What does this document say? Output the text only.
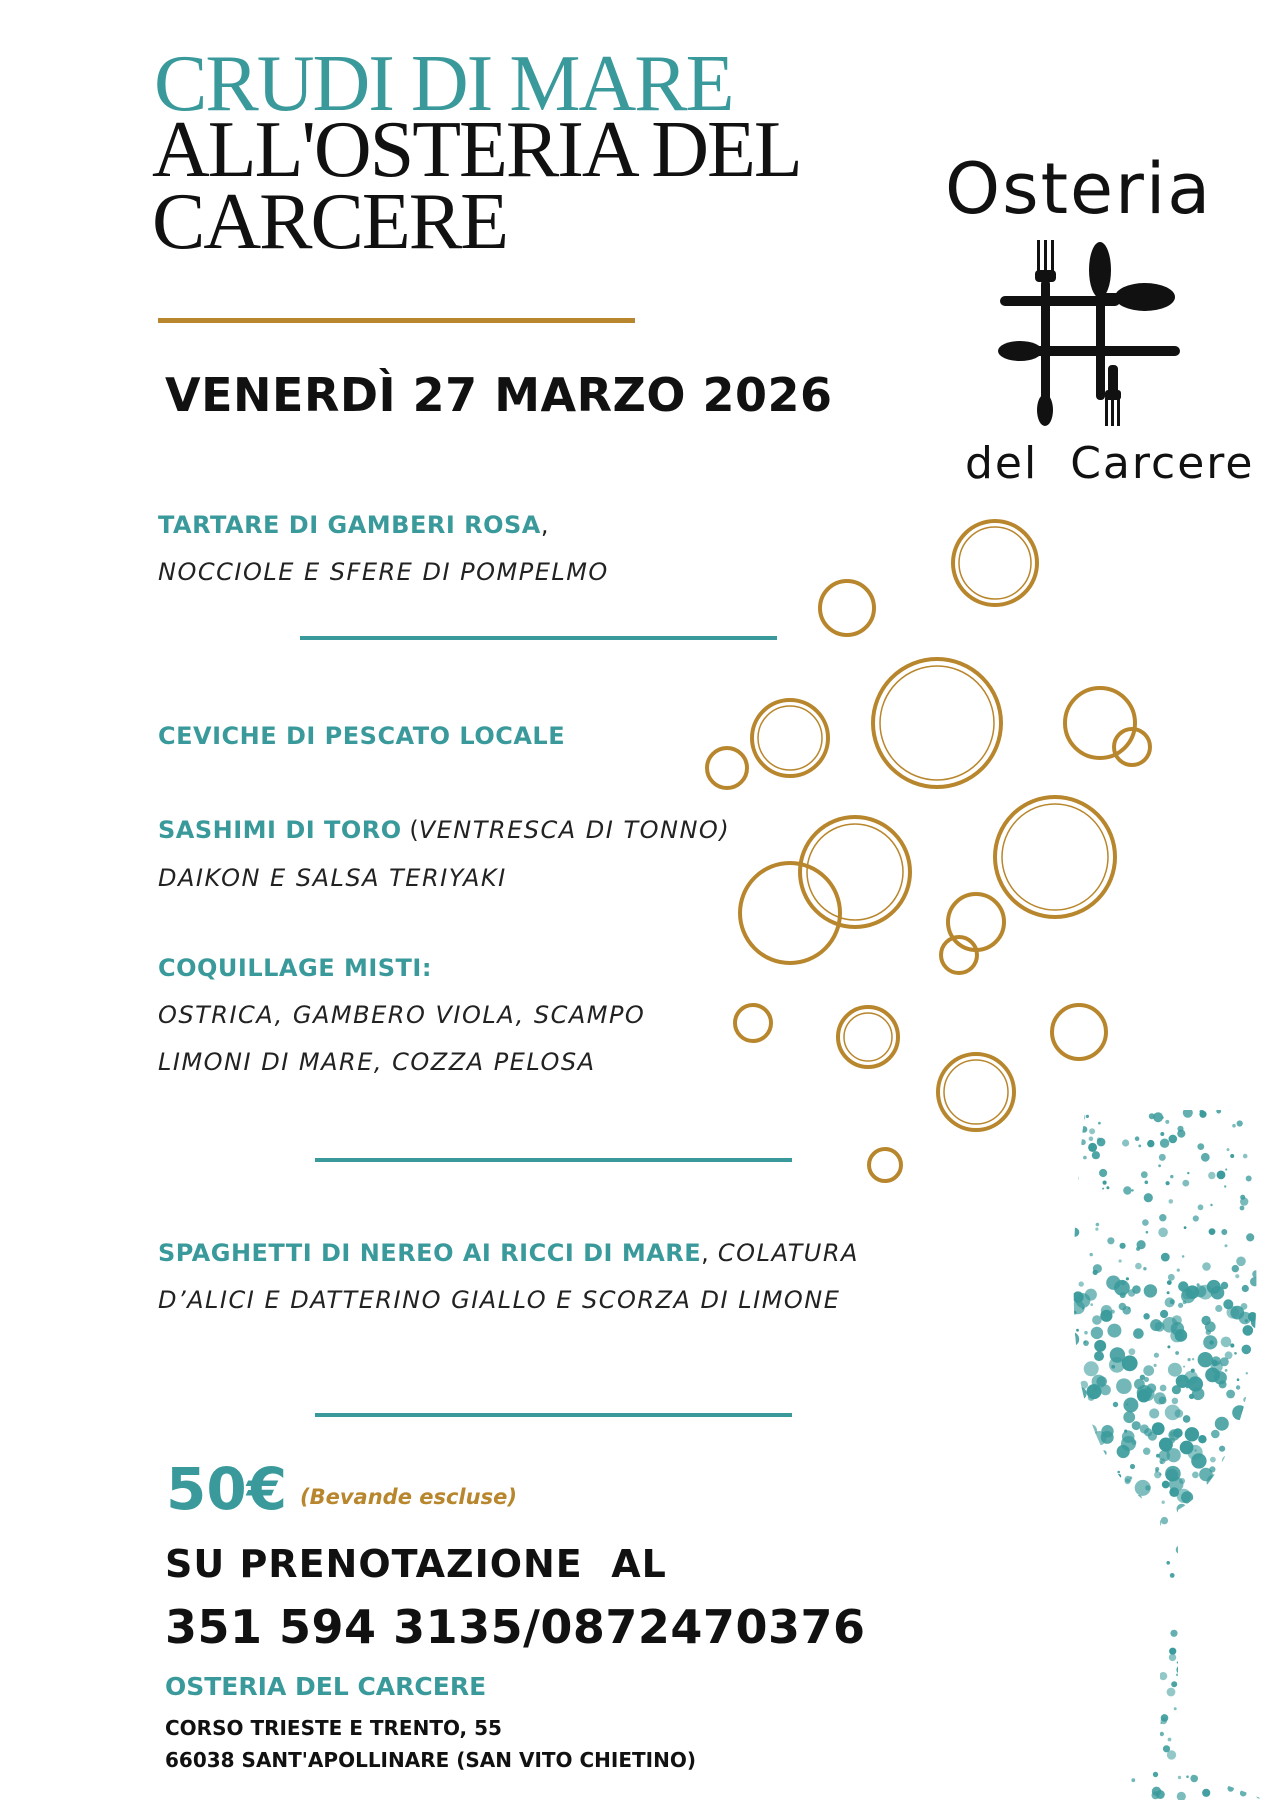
CRUDI DI MARE
ALL'OSTERIA DEL
CARCERE
VENERDÌ 27 MARZO 2026
Osteria
del  Carcere
TARTARE DI GAMBERI ROSA,
NOCCIOLE E SFERE DI POMPELMO
CEVICHE DI PESCATO LOCALE
SASHIMI DI TORO (VENTRESCA DI TONNO)
DAIKON E SALSA TERIYAKI
COQUILLAGE MISTI:
OSTRICA, GAMBERO VIOLA, SCAMPO
LIMONI DI MARE, COZZA PELOSA
SPAGHETTI DI NEREO AI RICCI DI MARE, COLATURA
D’ALICI E DATTERINO GIALLO E SCORZA DI LIMONE
50€ (Bevande escluse)
SU PRENOTAZIONE  AL
351 594 3135/0872470376
OSTERIA DEL CARCERE
CORSO TRIESTE E TRENTO, 55
66038 SANT'APOLLINARE (SAN VITO CHIETINO)
